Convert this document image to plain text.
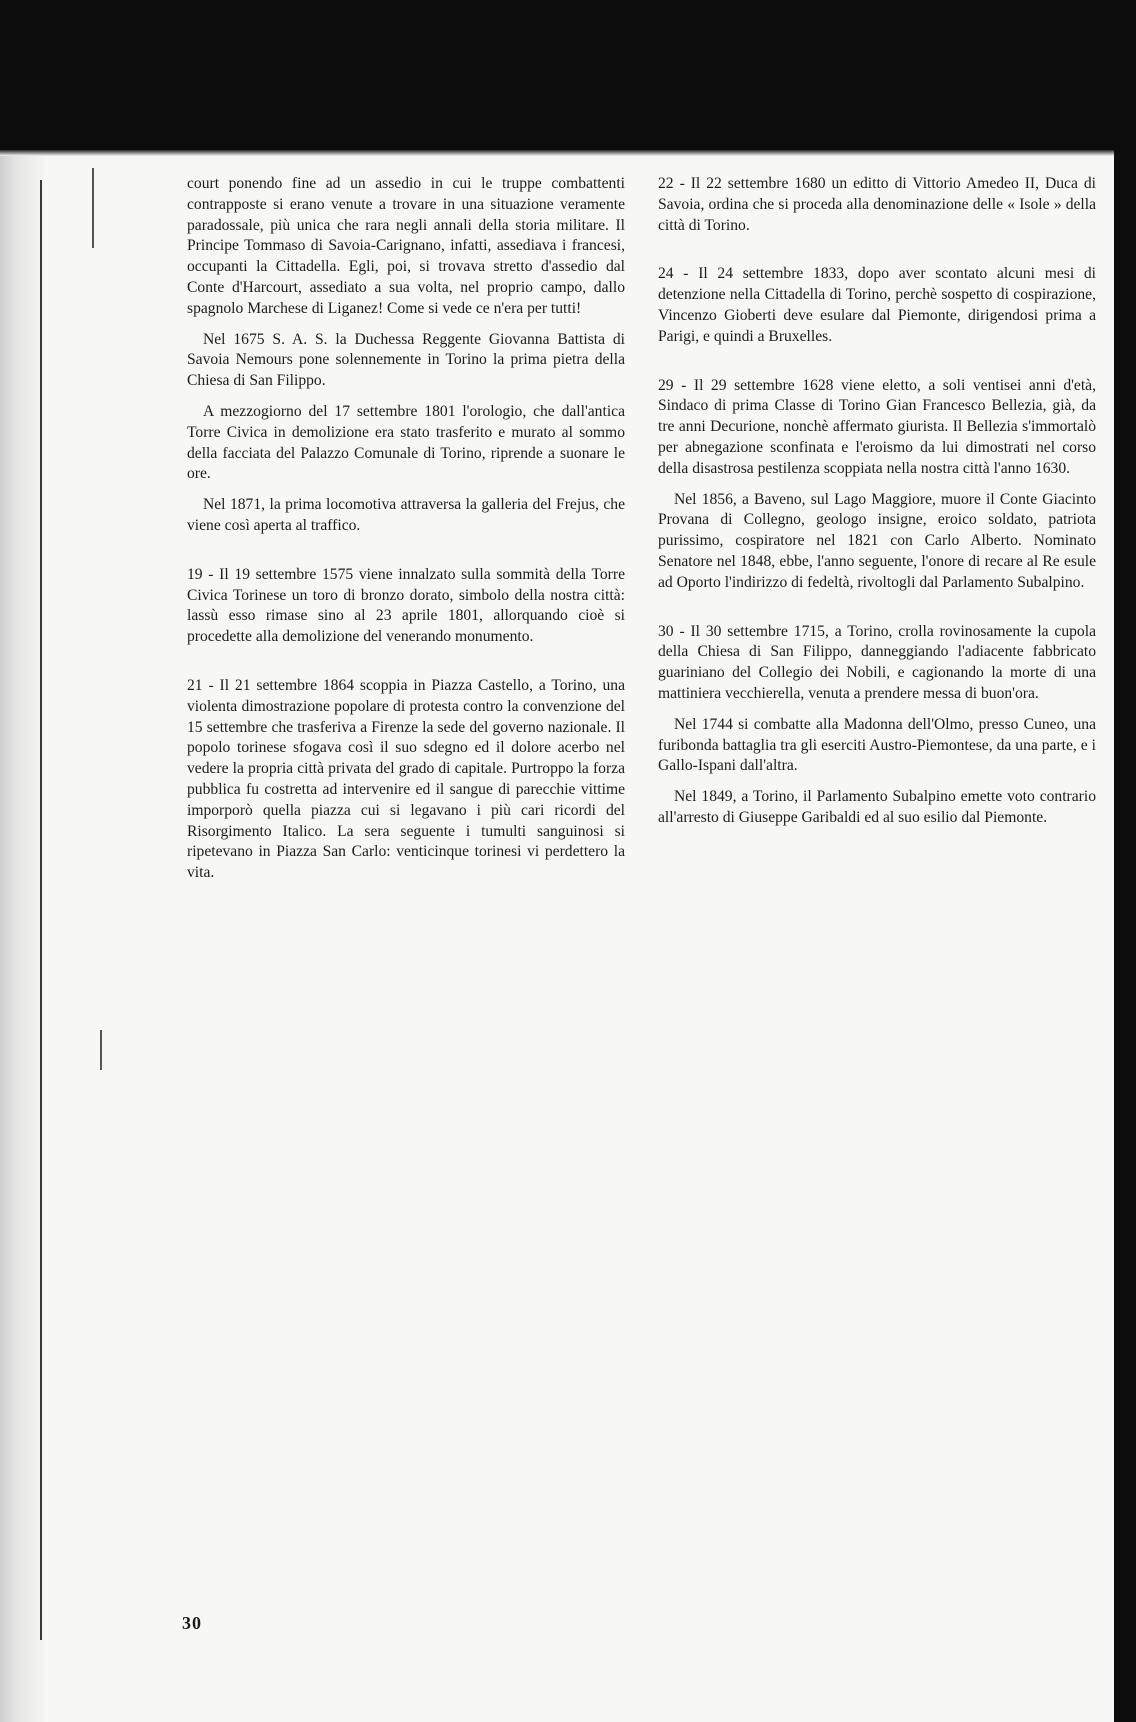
court ponendo fine ad un assedio in cui le truppe combattenti contrapposte si erano venute a trovare in una situazione veramente paradossale, più unica che rara negli annali della storia militare. Il Principe Tommaso di Savoia-Carignano, infatti, assediava i francesi, occupanti la Cittadella. Egli, poi, si trovava stretto d'assedio dal Conte d'Harcourt, assediato a sua volta, nel proprio campo, dallo spagnolo Marchese di Liganez! Come si vede ce n'era per tutti!

Nel 1675 S. A. S. la Duchessa Reggente Giovanna Battista di Savoia Nemours pone solennemente in Torino la prima pietra della Chiesa di San Filippo.

A mezzogiorno del 17 settembre 1801 l'orologio, che dall'antica Torre Civica in demolizione era stato trasferito e murato al sommo della facciata del Palazzo Comunale di Torino, riprende a suonare le ore.

Nel 1871, la prima locomotiva attraversa la galleria del Frejus, che viene così aperta al traffico.

19 - Il 19 settembre 1575 viene innalzato sulla sommità della Torre Civica Torinese un toro di bronzo dorato, simbolo della nostra città: lassù esso rimase sino al 23 aprile 1801, allorquando cioè si procedette alla demolizione del venerando monumento.

21 - Il 21 settembre 1864 scoppia in Piazza Castello, a Torino, una violenta dimostrazione popolare di protesta contro la convenzione del 15 settembre che trasferiva a Firenze la sede del governo nazionale. Il popolo torinese sfogava così il suo sdegno ed il dolore acerbo nel vedere la propria città privata del grado di capitale. Purtroppo la forza pubblica fu costretta ad intervenire ed il sangue di parecchie vittime imporporò quella piazza cui si legavano i più cari ricordi del Risorgimento Italico. La sera seguente i tumulti sanguinosi si ripetevano in Piazza San Carlo: venticinque torinesi vi perdettero la vita.

22 - Il 22 settembre 1680 un editto di Vittorio Amedeo II, Duca di Savoia, ordina che si proceda alla denominazione delle « Isole » della città di Torino.

24 - Il 24 settembre 1833, dopo aver scontato alcuni mesi di detenzione nella Cittadella di Torino, perchè sospetto di cospirazione, Vincenzo Gioberti deve esulare dal Piemonte, dirigendosi prima a Parigi, e quindi a Bruxelles.

29 - Il 29 settembre 1628 viene eletto, a soli ventisei anni d'età, Sindaco di prima Classe di Torino Gian Francesco Bellezia, già, da tre anni Decurione, nonchè affermato giurista. Il Bellezia s'immortalò per abnegazione sconfinata e l'eroismo da lui dimostrati nel corso della disastrosa pestilenza scoppiata nella nostra città l'anno 1630.

Nel 1856, a Baveno, sul Lago Maggiore, muore il Conte Giacinto Provana di Collegno, geologo insigne, eroico soldato, patriota purissimo, cospiratore nel 1821 con Carlo Alberto. Nominato Senatore nel 1848, ebbe, l'anno seguente, l'onore di recare al Re esule ad Oporto l'indirizzo di fedeltà, rivoltogli dal Parlamento Subalpino.

30 - Il 30 settembre 1715, a Torino, crolla rovinosamente la cupola della Chiesa di San Filippo, danneggiando l'adiacente fabbricato guariniano del Collegio dei Nobili, e cagionando la morte di una mattiniera vecchierella, venuta a prendere messa di buon'ora.

Nel 1744 si combatte alla Madonna dell'Olmo, presso Cuneo, una furibonda battaglia tra gli eserciti Austro-Piemontese, da una parte, e i Gallo-Ispani dall'altra.

Nel 1849, a Torino, il Parlamento Subalpino emette voto contrario all'arresto di Giuseppe Garibaldi ed al suo esilio dal Piemonte.

30
